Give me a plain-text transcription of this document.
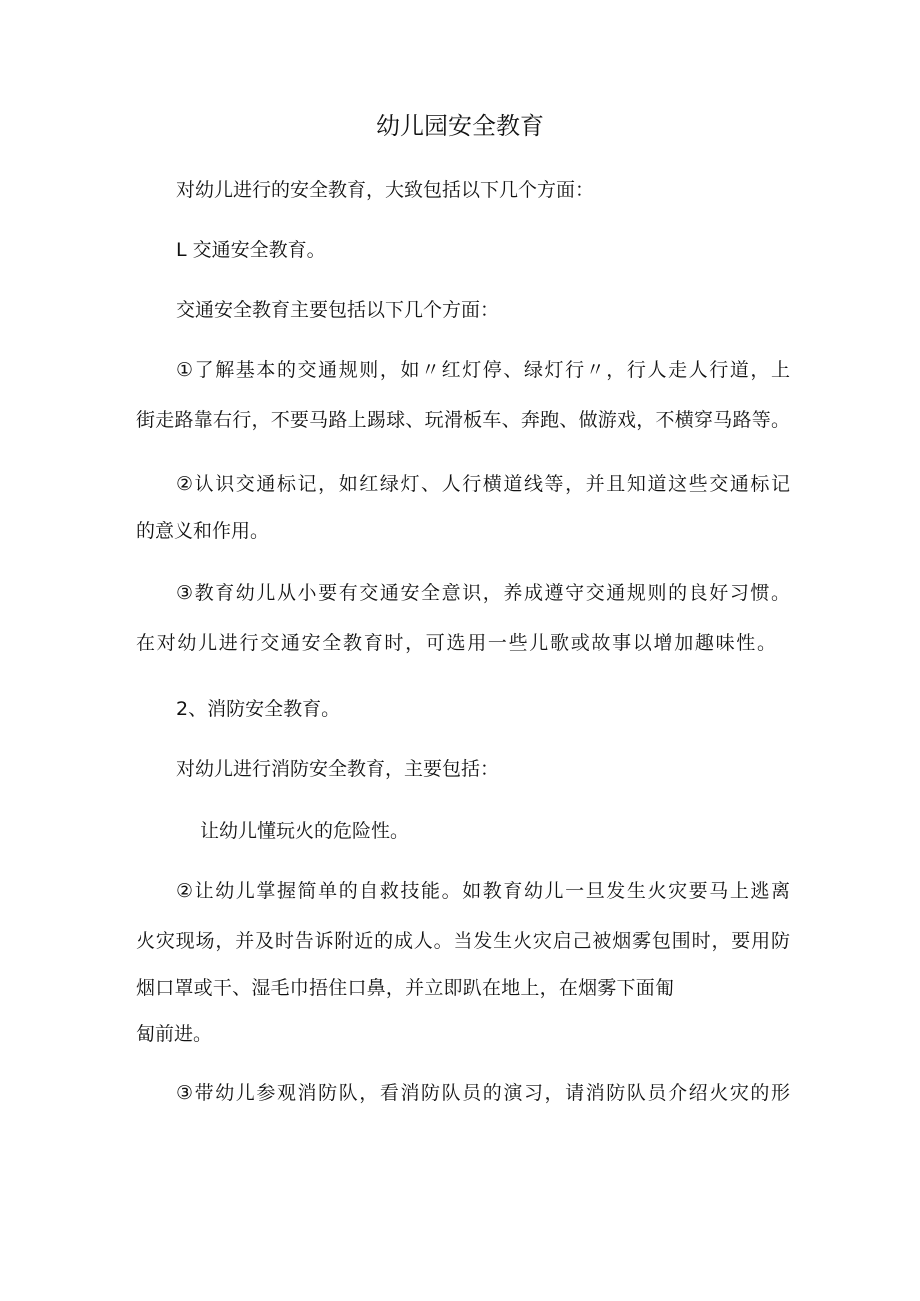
幼儿园安全教育
对幼儿进行的安全教育，大致包括以下几个方面：
L 交通安全教育。
交通安全教育主要包括以下几个方面：
①了解基本的交通规则，如〃红灯停、绿灯行〃，行人走人行道，上
街走路靠右行，不要马路上踢球、玩滑板车、奔跑、做游戏，不横穿马路等。
②认识交通标记，如红绿灯、人行横道线等，并且知道这些交通标记
的意义和作用。
③教育幼儿从小要有交通安全意识，养成遵守交通规则的良好习惯。
在对幼儿进行交通安全教育时，可选用一些儿歌或故事以增加趣味性。
2、消防安全教育。
对幼儿进行消防安全教育，主要包括：
让幼儿懂玩火的危险性。
②让幼儿掌握简单的自救技能。如教育幼儿一旦发生火灾要马上逃离
火灾现场，并及时告诉附近的成人。当发生火灾启己被烟雾包围时，要用防
烟口罩或干、湿毛巾捂住口鼻，并立即趴在地上，在烟雾下面匍
匐前进。
③带幼儿参观消防队，看消防队员的演习，请消防队员介绍火灾的形
